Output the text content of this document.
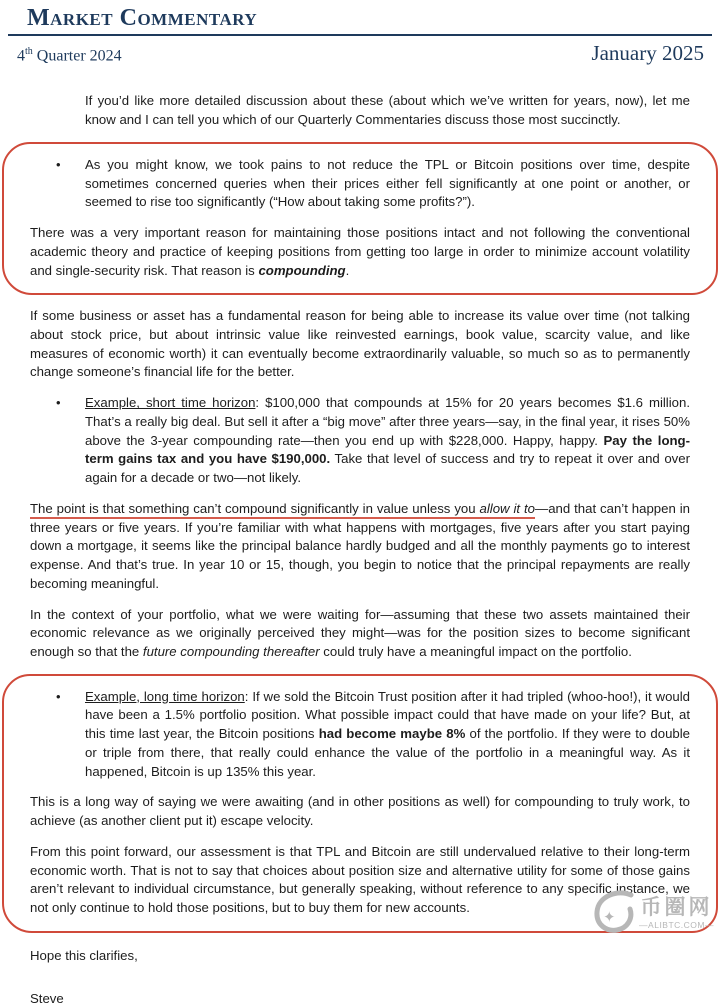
Market Commentary
4th Quarter 2024	January 2025

If you’d like more detailed discussion about these (about which we’ve written for years, now), let me know and I can tell you which of our Quarterly Commentaries discuss those most succinctly.

•	As you might know, we took pains to not reduce the TPL or Bitcoin positions over time, despite sometimes concerned queries when their prices either fell significantly at one point or another, or seemed to rise too significantly (“How about taking some profits?”).

There was a very important reason for maintaining those positions intact and not following the conventional academic theory and practice of keeping positions from getting too large in order to minimize account volatility and single-security risk. That reason is compounding.

If some business or asset has a fundamental reason for being able to increase its value over time (not talking about stock price, but about intrinsic value like reinvested earnings, book value, scarcity value, and like measures of economic worth) it can eventually become extraordinarily valuable, so much so as to permanently change someone’s financial life for the better.

•	Example, short time horizon: $100,000 that compounds at 15% for 20 years becomes $1.6 million. That’s a really big deal. But sell it after a “big move” after three years—say, in the final year, it rises 50% above the 3-year compounding rate—then you end up with $228,000. Happy, happy. Pay the long-term gains tax and you have $190,000. Take that level of success and try to repeat it over and over again for a decade or two—not likely.

The point is that something can’t compound significantly in value unless you allow it to—and that can’t happen in three years or five years. If you’re familiar with what happens with mortgages, five years after you start paying down a mortgage, it seems like the principal balance hardly budged and all the monthly payments go to interest expense. And that’s true. In year 10 or 15, though, you begin to notice that the principal repayments are really becoming meaningful.

In the context of your portfolio, what we were waiting for—assuming that these two assets maintained their economic relevance as we originally perceived they might—was for the position sizes to become significant enough so that the future compounding thereafter could truly have a meaningful impact on the portfolio.

•	Example, long time horizon: If we sold the Bitcoin Trust position after it had tripled (whoo-hoo!), it would have been a 1.5% portfolio position. What possible impact could that have made on your life? But, at this time last year, the Bitcoin positions had become maybe 8% of the portfolio. If they were to double or triple from there, that really could enhance the value of the portfolio in a meaningful way. As it happened, Bitcoin is up 135% this year.

This is a long way of saying we were awaiting (and in other positions as well) for compounding to truly work, to achieve (as another client put it) escape velocity.

From this point forward, our assessment is that TPL and Bitcoin are still undervalued relative to their long-term economic worth. That is not to say that choices about position size and alternative utility for some of those gains aren’t relevant to individual circumstance, but generally speaking, without reference to any specific instance, we not only continue to hold those positions, but to buy them for new accounts.

Hope this clarifies,

Steve

✦ 币圈网
—ALIBTC.COM—
